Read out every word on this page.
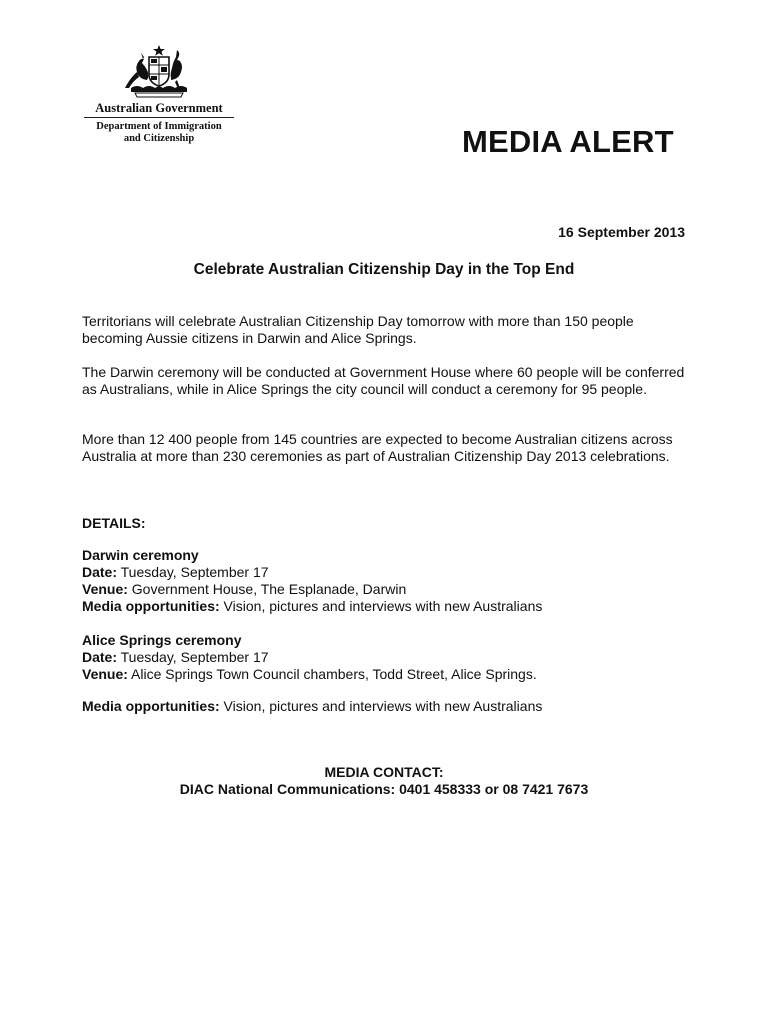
Australian Government
Department of Immigration
and Citizenship	MEDIA ALERT
16 September 2013
Celebrate Australian Citizenship Day in the Top End

Territorians will celebrate Australian Citizenship Day tomorrow with more than 150 people becoming Aussie citizens in Darwin and Alice Springs.

The Darwin ceremony will be conducted at Government House where 60 people will be conferred as Australians, while in Alice Springs the city council will conduct a ceremony for 95 people.

More than 12 400 people from 145 countries are expected to become Australian citizens across Australia at more than 230 ceremonies as part of Australian Citizenship Day 2013 celebrations.

DETAILS:
Darwin ceremony
Date: Tuesday, September 17
Venue: Government House, The Esplanade, Darwin
Media opportunities: Vision, pictures and interviews with new Australians
Alice Springs ceremony
Date: Tuesday, September 17
Venue: Alice Springs Town Council chambers, Todd Street, Alice Springs.
Media opportunities: Vision, pictures and interviews with new Australians
MEDIA CONTACT:
DIAC National Communications: 0401 458333 or 08 7421 7673
